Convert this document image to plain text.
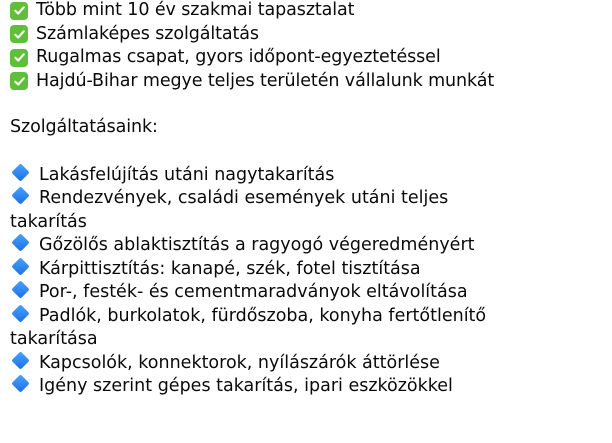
Több mint 10 év szakmai tapasztalat
Számlaképes szolgáltatás
Rugalmas csapat, gyors időpont-egyeztetéssel
Hajdú-Bihar megye teljes területén vállalunk munkát
Szolgáltatásaink:
Lakásfelújítás utáni nagytakarítás
Rendezvények, családi események utáni teljes
takarítás
Gőzölős ablaktisztítás a ragyogó végeredményért
Kárpittisztítás: kanapé, szék, fotel tisztítása
Por-, festék- és cementmaradványok eltávolítása
Padlók, burkolatok, fürdőszoba, konyha fertőtlenítő
takarítása
Kapcsolók, konnektorok, nyílászárók áttörlése
Igény szerint gépes takarítás, ipari eszközökkel
